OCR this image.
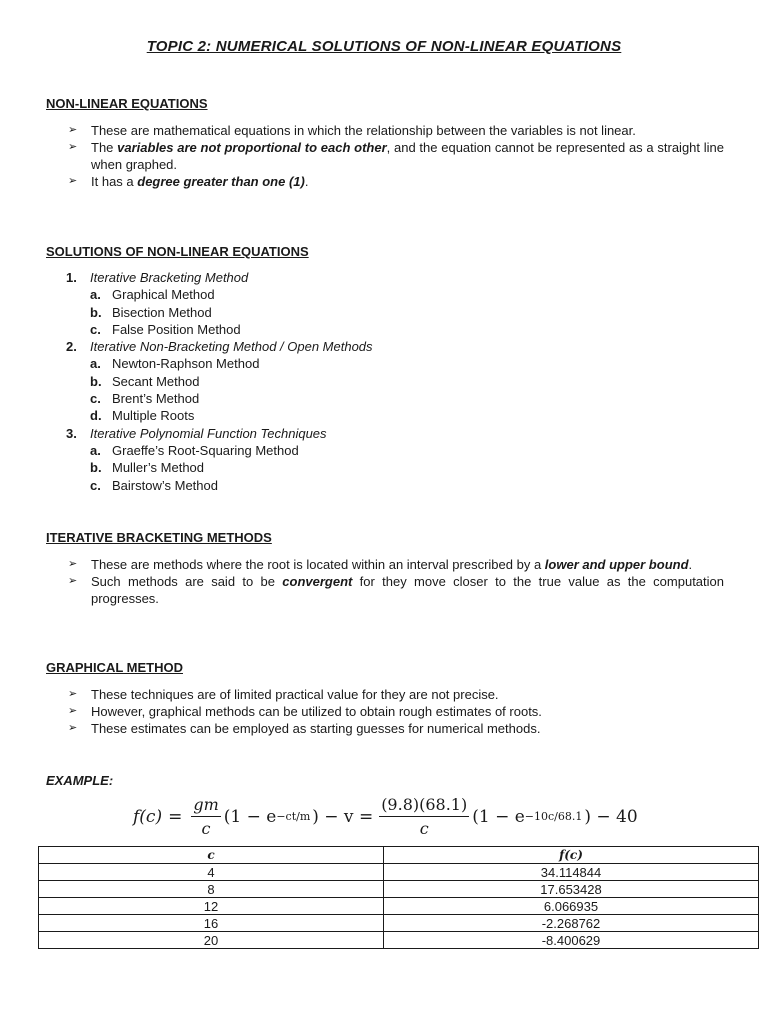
TOPIC 2: NUMERICAL SOLUTIONS OF NON-LINEAR EQUATIONS
NON-LINEAR EQUATIONS
➢ These are mathematical equations in which the relationship between the variables is not linear.
➢ The variables are not proportional to each other, and the equation cannot be represented as a straight line when graphed.
➢ It has a degree greater than one (1).
SOLUTIONS OF NON-LINEAR EQUATIONS
1. Iterative Bracketing Method
a. Graphical Method
b. Bisection Method
c. False Position Method
2. Iterative Non-Bracketing Method / Open Methods
a. Newton-Raphson Method
b. Secant Method
c. Brent’s Method
d. Multiple Roots
3. Iterative Polynomial Function Techniques
a. Graeffe’s Root-Squaring Method
b. Muller’s Method
c. Bairstow’s Method
ITERATIVE BRACKETING METHODS
➢ These are methods where the root is located within an interval prescribed by a lower and upper bound.
➢ Such methods are said to be convergent for they move closer to the true value as the computation progresses.
GRAPHICAL METHOD
➢ These techniques are of limited practical value for they are not precise.
➢ However, graphical methods can be utilized to obtain rough estimates of roots.
➢ These estimates can be employed as starting guesses for numerical methods.
EXAMPLE:
$f(c) = \frac{gm}{c} (1 - e -ct/m$ ) − $v = \frac{(9.8)(68.1)}{c} (1 - e -10c/68.1$ ) − 40
c	f(c)
4	34.114844
8	17.653428
12	6.066935
16	-2.268762
20	-8.400629
